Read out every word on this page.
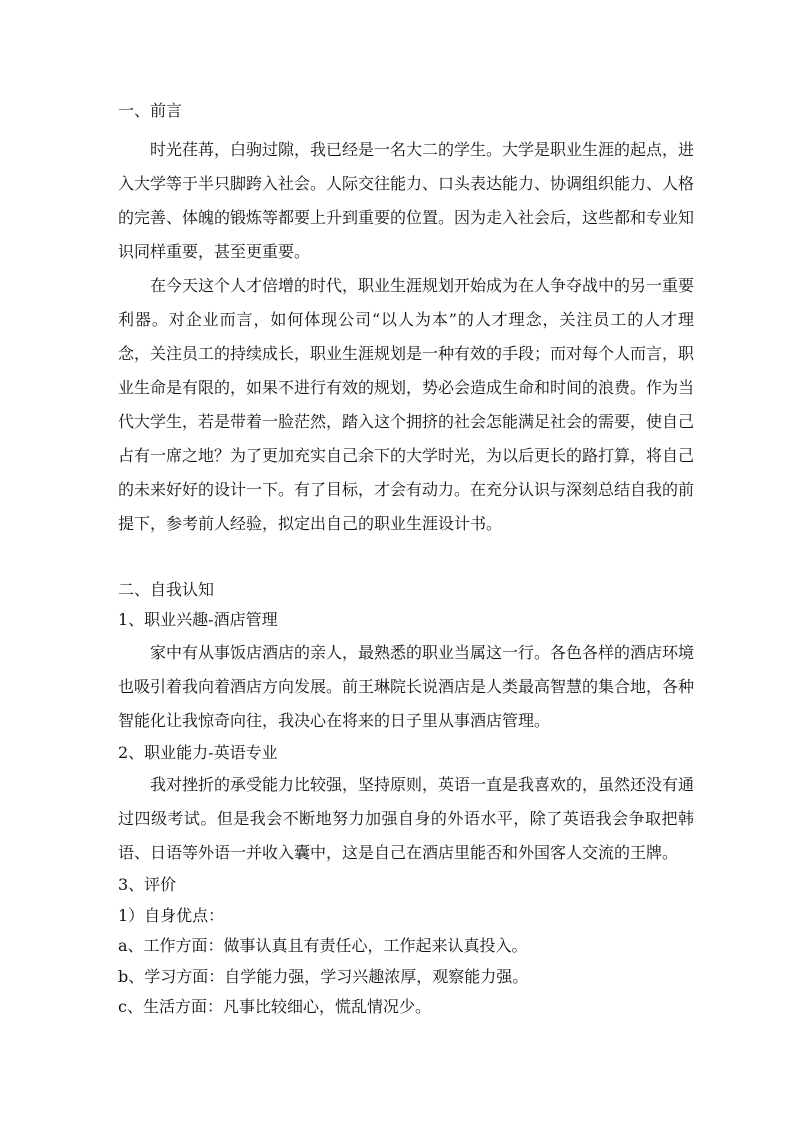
一、前言

时光荏苒，白驹过隙，我已经是一名大二的学生。大学是职业生涯的起点，进入大学等于半只脚跨入社会。人际交往能力、口头表达能力、协调组织能力、人格的完善、体魄的锻炼等都要上升到重要的位置。因为走入社会后，这些都和专业知识同样重要，甚至更重要。

在今天这个人才倍增的时代，职业生涯规划开始成为在人争夺战中的另一重要利器。对企业而言，如何体现公司“以人为本”的人才理念，关注员工的人才理念，关注员工的持续成长，职业生涯规划是一种有效的手段；而对每个人而言，职业生命是有限的，如果不进行有效的规划，势必会造成生命和时间的浪费。作为当代大学生，若是带着一脸茫然，踏入这个拥挤的社会怎能满足社会的需要，使自己占有一席之地？为了更加充实自己余下的大学时光，为以后更长的路打算，将自己的未来好好的设计一下。有了目标，才会有动力。在充分认识与深刻总结自我的前提下，参考前人经验，拟定出自己的职业生涯设计书。

二、自我认知

1、职业兴趣-酒店管理

家中有从事饭店酒店的亲人，最熟悉的职业当属这一行。各色各样的酒店环境也吸引着我向着酒店方向发展。前王琳院长说酒店是人类最高智慧的集合地，各种智能化让我惊奇向往，我决心在将来的日子里从事酒店管理。

2、职业能力-英语专业

我对挫折的承受能力比较强，坚持原则，英语一直是我喜欢的，虽然还没有通过四级考试。但是我会不断地努力加强自身的外语水平，除了英语我会争取把韩语、日语等外语一并收入囊中，这是自己在酒店里能否和外国客人交流的王牌。

3、评价

1）自身优点：

a、工作方面：做事认真且有责任心，工作起来认真投入。

b、学习方面：自学能力强，学习兴趣浓厚，观察能力强。

c、生活方面：凡事比较细心，慌乱情况少。
